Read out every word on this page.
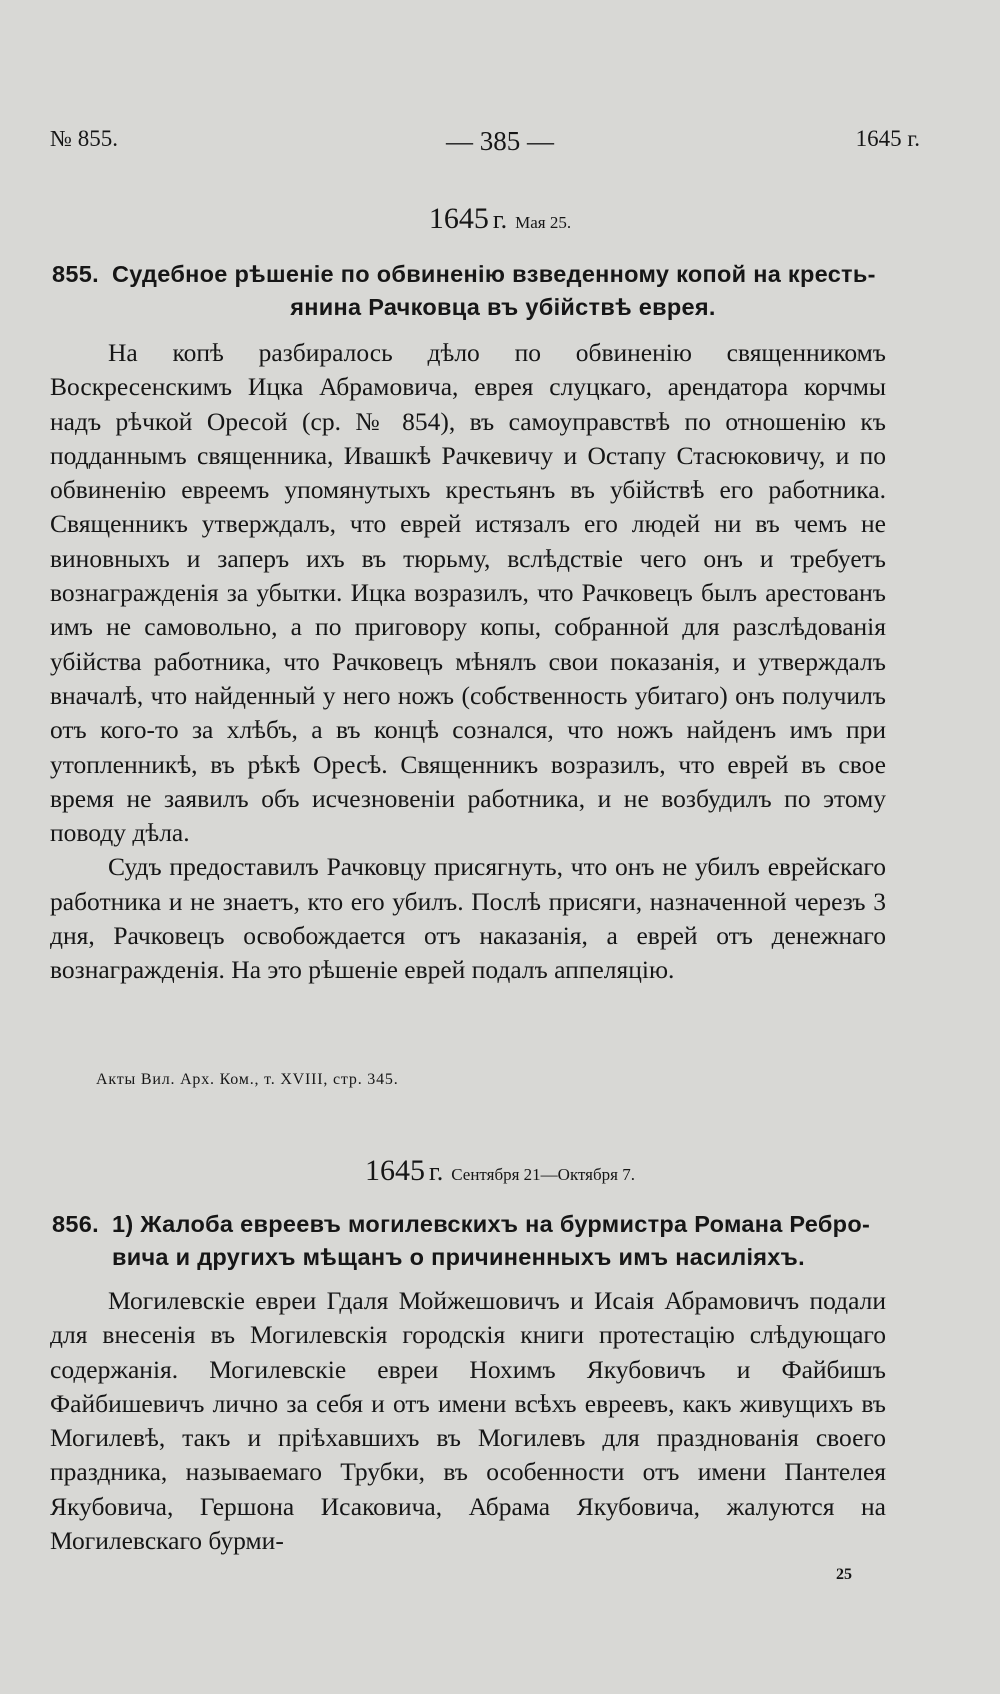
№ 855.	— 385 —	1645 г.
1645 г. Мая 25.
855. Судебное рѣшеніе по обвиненію взведенному копой на кресть-
янина Рачковца въ убійствѣ еврея.

На копѣ разбиралось дѣло по обвиненію священникомъ Воскресенскимъ Ицка Абрамовича, еврея слуцкаго, арендатора корчмы надъ рѣчкой Оресой (ср. № 854), въ самоуправствѣ по отношенію къ подданнымъ священника, Ивашкѣ Рачкевичу и Остапу Стасюковичу, и по обвиненію евреемъ упомянутыхъ крестьянъ въ убійствѣ его работника. Священникъ утверждалъ, что еврей истязалъ его людей ни въ чемъ не виновныхъ и заперъ ихъ въ тюрьму, вслѣдствіе чего онъ и требуетъ вознагражденія за убытки. Ицка возразилъ, что Рачковецъ былъ арестованъ имъ не самовольно, а по приговору копы, собранной для разслѣдованія убійства работника, что Рачковецъ мѣнялъ свои показанія, и утверждалъ вначалѣ, что найденный у него ножъ (собственность убитаго) онъ получилъ отъ кого-то за хлѣбъ, а въ концѣ сознался, что ножъ найденъ имъ при утопленникѣ, въ рѣкѣ Оресѣ. Священникъ возразилъ, что еврей въ свое время не заявилъ объ исчезновеніи работника, и не возбудилъ по этому поводу дѣла.

Судъ предоставилъ Рачковцу присягнуть, что онъ не убилъ еврейскаго работника и не знаетъ, кто его убилъ. Послѣ присяги, назначенной черезъ 3 дня, Рачковецъ освобождается отъ наказанія, а еврей отъ денежнаго вознагражденія. На это рѣшеніе еврей подалъ аппеляцію.

Акты Вил. Арх. Ком., т. XVIII, стр. 345.
1645 г. Сентября 21—Октября 7.
856. 1) Жалоба евреевъ могилевскихъ на бурмистра Романа Ребро-
вича и другихъ мѣщанъ о причиненныхъ имъ насиліяхъ.

Могилевскіе евреи Гдаля Мойжешовичъ и Исаія Абрамовичъ подали для внесенія въ Могилевскія городскія книги протестацію слѣдующаго содержанія. Могилевскіе евреи Нохимъ Якубовичъ и Файбишъ Файбишевичъ лично за себя и отъ имени всѣхъ евреевъ, какъ живущихъ въ Могилевѣ, такъ и пріѣхавшихъ въ Могилевъ для празднованія своего праздника, называемаго Трубки, въ особенности отъ имени Пантелея Якубовича, Гершона Исаковича, Абрама Якубовича, жалуются на Могилевскаго бурми-

25
